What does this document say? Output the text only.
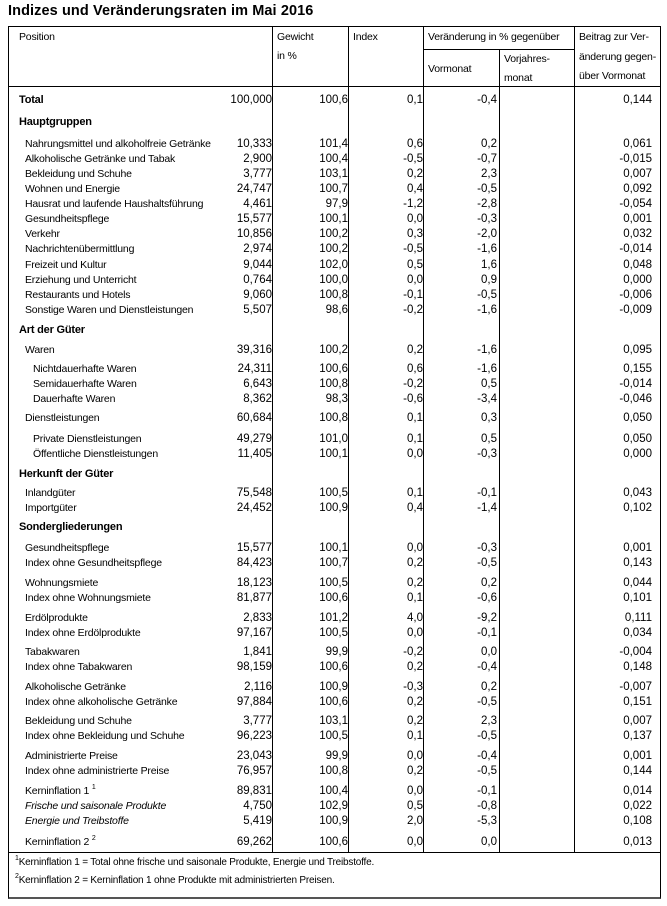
Indizes und Veränderungsraten im Mai 2016
Position	Gewicht
in %
Index	Veränderung in % gegenüber
Vormonat
Vorjahres-
monat
Beitrag zur Ver-
änderung gegen-
über Vormonat
Total	100,000	100,6	0,1	-0,4	0,144
Hauptgruppen
Nahrungsmittel und alkoholfreie Getränke 10,333	101,4	0,6	0,2	0,061
Alkoholische Getränke und Tabak	2,900	100,4	-0,5	-0,7	-0,015
Bekleidung und Schuhe	3,777	103,1	0,2	2,3	0,007
Wohnen und Energie	24,747	100,7	0,4	-0,5	0,092
Hausrat und laufende Haushaltsführung	4,461	97,9	-1,2	-2,8	-0,054
Gesundheitspflege	15,577	100,1	0,0	-0,3	0,001
Verkehr	10,856	100,2	0,3	-2,0	0,032
Nachrichtenübermittlung	2,974	100,2	-0,5	-1,6	-0,014
Freizeit und Kultur	9,044	102,0	0,5	1,6	0,048
Erziehung und Unterricht	0,764	100,0	0,0	0,9	0,000
Restaurants und Hotels	9,060	100,8	-0,1	-0,5	-0,006
Sonstige Waren und Dienstleistungen	5,507	98,6	-0,2	-1,6	-0,009
Art der Güter
Waren	39,316	100,2	0,2	-1,6	0,095
Nichtdauerhafte Waren	24,311	100,6	0,6	-1,6	0,155
Semidauerhafte Waren	6,643	100,8	-0,2	0,5	-0,014
Dauerhafte Waren	8,362	98,3	-0,6	-3,4	-0,046
Dienstleistungen	60,684	100,8	0,1	0,3	0,050
Private Dienstleistungen	49,279	101,0	0,1	0,5	0,050
Öffentliche Dienstleistungen	11,405	100,1	0,0	-0,3	0,000
Herkunft der Güter
Inlandgüter	75,548	100,5	0,1	-0,1	0,043
Importgüter	24,452	100,9	0,4	-1,4	0,102
Sondergliederungen
Gesundheitspflege	15,577	100,1	0,0	-0,3	0,001
Index ohne Gesundheitspflege	84,423	100,7	0,2	-0,5	0,143
Wohnungsmiete	18,123	100,5	0,2	0,2	0,044
Index ohne Wohnungsmiete	81,877	100,6	0,1	-0,6	0,101
Erdölprodukte	2,833	101,2	4,0	-9,2	0,111
Index ohne Erdölprodukte	97,167	100,5	0,0	-0,1	0,034
Tabakwaren	1,841	99,9	-0,2	0,0	-0,004
Index ohne Tabakwaren	98,159	100,6	0,2	-0,4	0,148
Alkoholische Getränke	2,116	100,9	-0,3	0,2	-0,007
Index ohne alkoholische Getränke	97,884	100,6	0,2	-0,5	0,151
Bekleidung und Schuhe	3,777	103,1	0,2	2,3	0,007
Index ohne Bekleidung und Schuhe	96,223	100,5	0,1	-0,5	0,137
Administrierte Preise	23,043	99,9	0,0	-0,4	0,001
Index ohne administrierte Preise	76,957	100,8	0,2	-0,5	0,144
Kerninflation 1 $^1$	89,831	100,4	0,0	-0,1	0,014
Frische und saisonale Produkte	4,750	102,9	0,5	-0,8	0,022
Energie und Treibstoffe	5,419	100,9	2,0	-5,3	0,108
Kerninflation 2 $^2$	69,262	100,6	0,0	0,0	0,013
$^1$Kerninflation 1 = Total ohne frische und saisonale Produkte, Energie und Treibstoffe.
$^2$Kerninflation 2 = Kerninflation 1 ohne Produkte mit administrierten Preisen.
